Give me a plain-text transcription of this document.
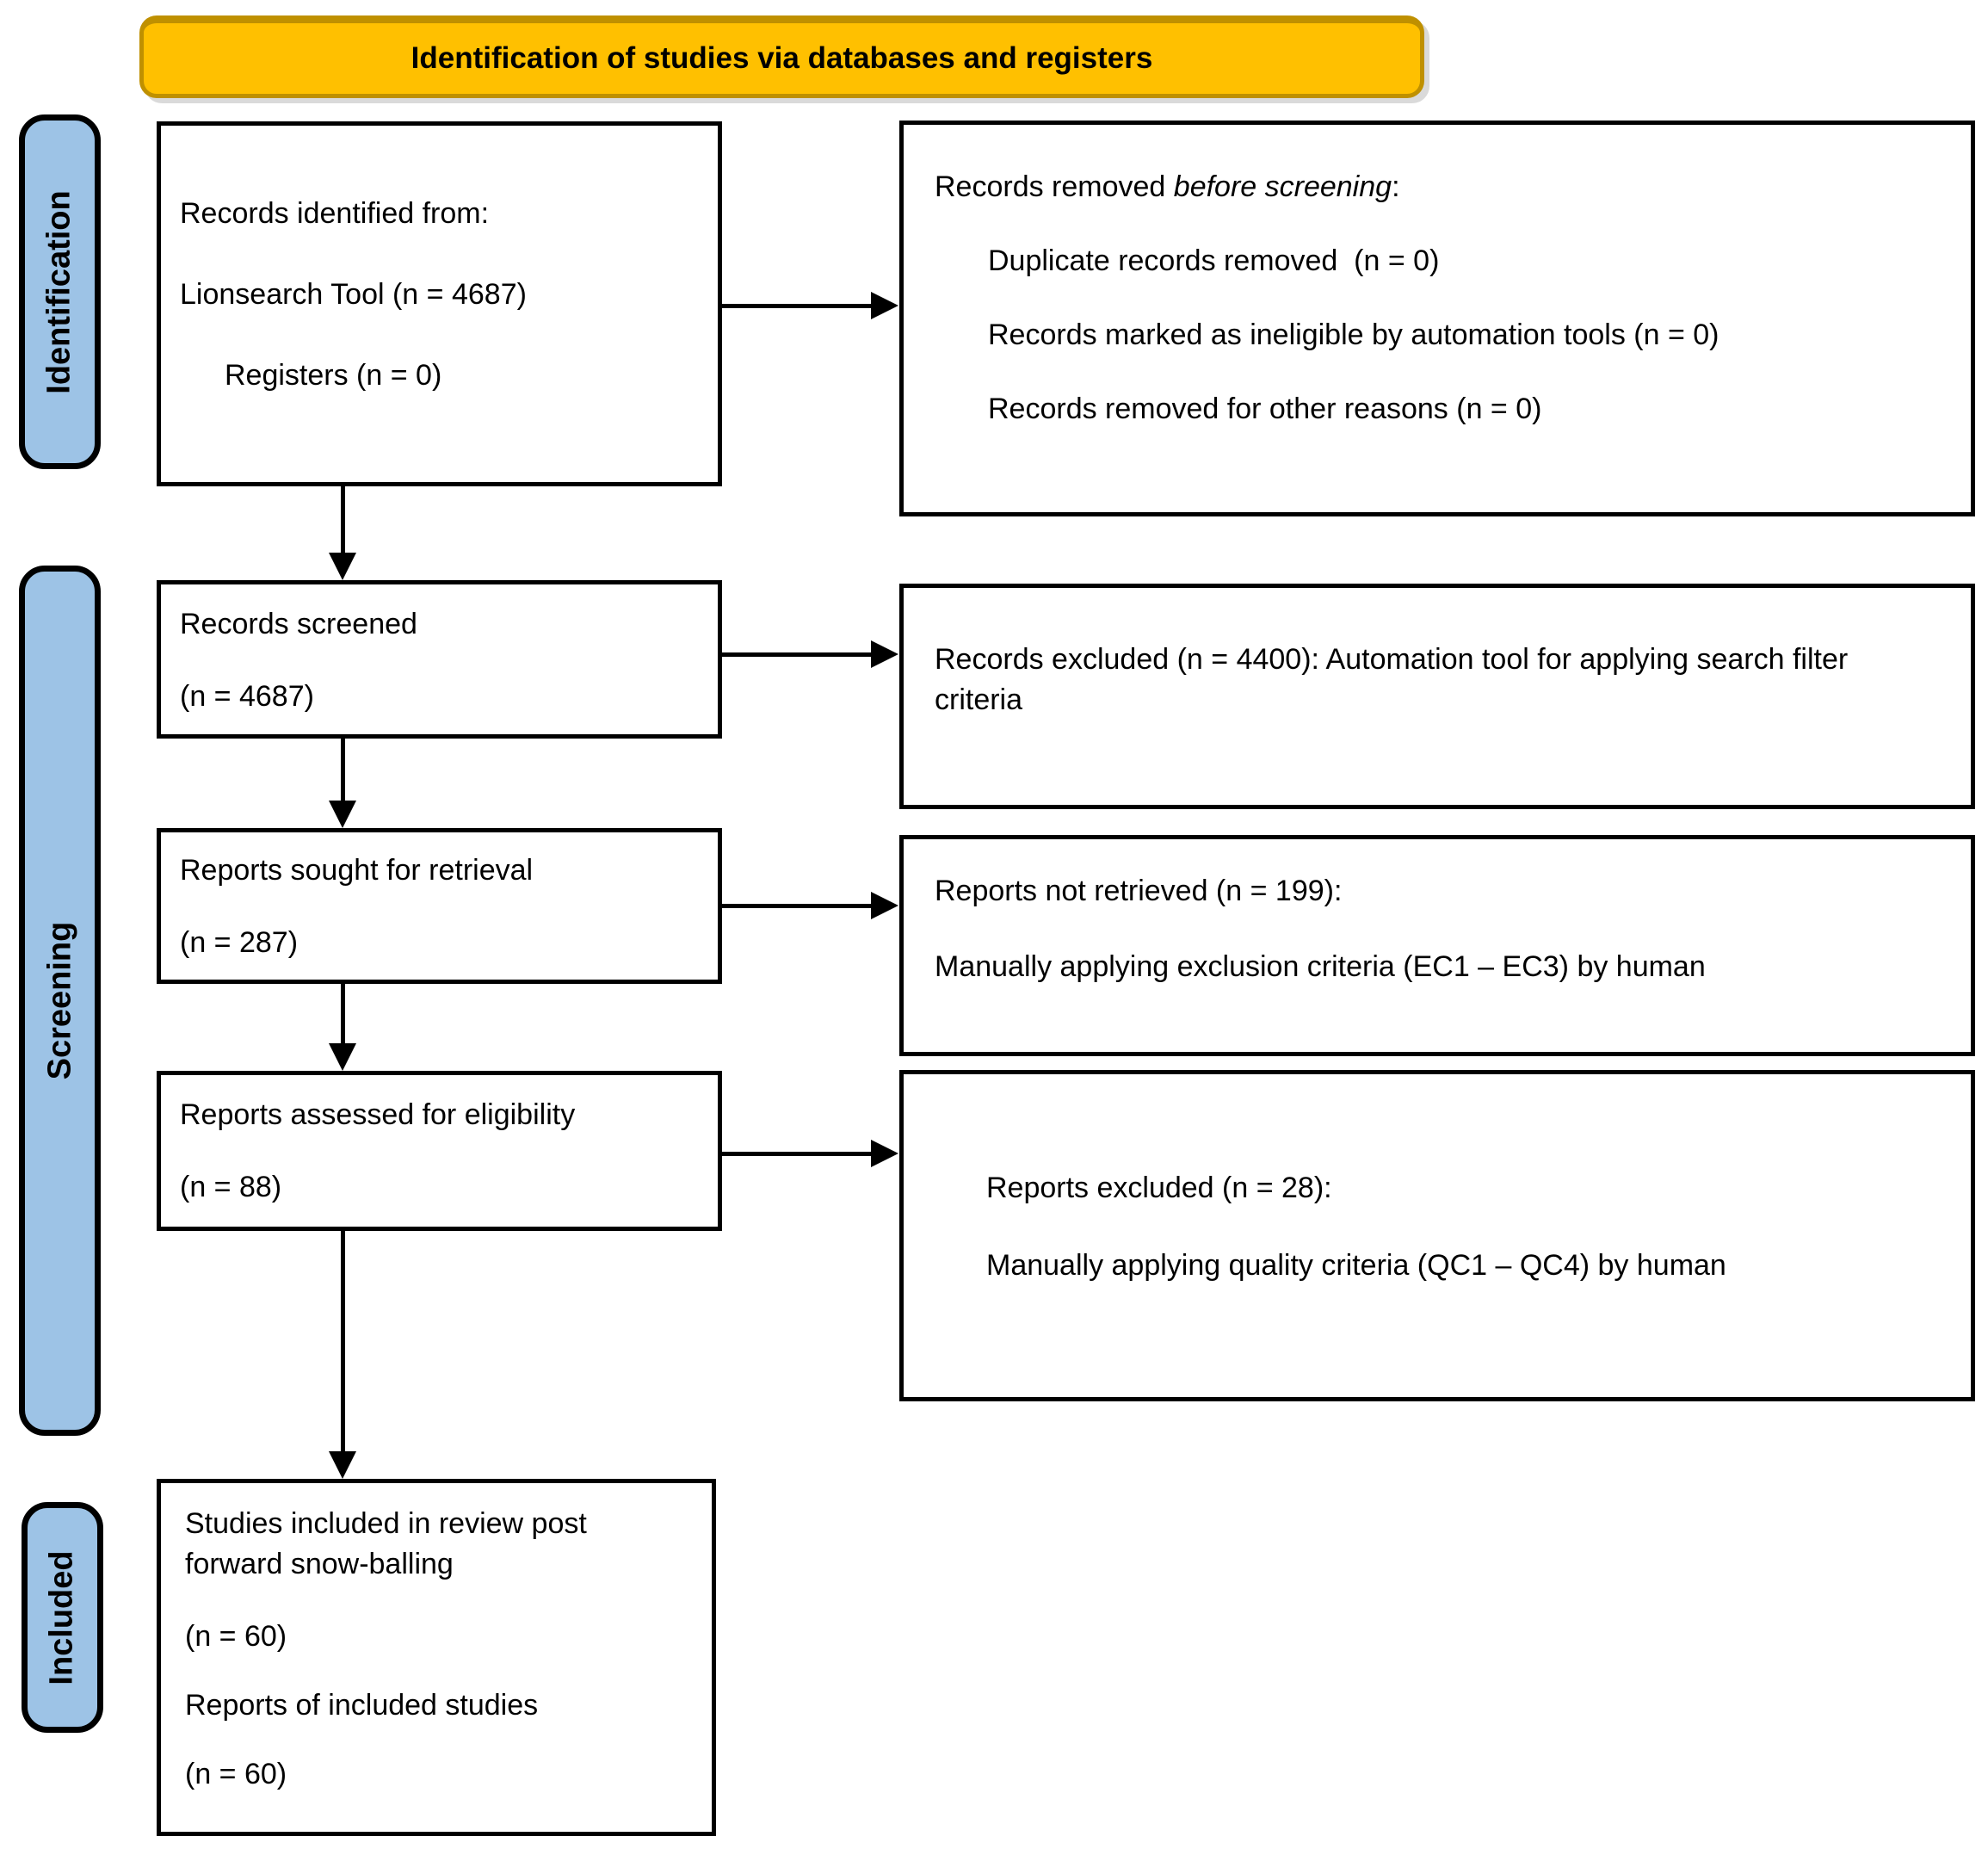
Identification of studies via databases and registers
Identification
Screening
Included
Records identified from:
Lionsearch Tool (n = 4687)
Registers (n = 0)
Records screened
(n = 4687)
Reports sought for retrieval
(n = 287)
Reports assessed for eligibility
(n = 88)
Studies included in review post forward snow-balling
(n = 60)
Reports of included studies
(n = 60)
Records removed before screening:
Duplicate records removed  (n = 0)
Records marked as ineligible by automation tools (n = 0)
Records removed for other reasons (n = 0)
Records excluded (n = 4400): Automation tool for applying search filter criteria
Reports not retrieved (n = 199):
Manually applying exclusion criteria (EC1 – EC3) by human
Reports excluded (n = 28):
Manually applying quality criteria (QC1 – QC4) by human
